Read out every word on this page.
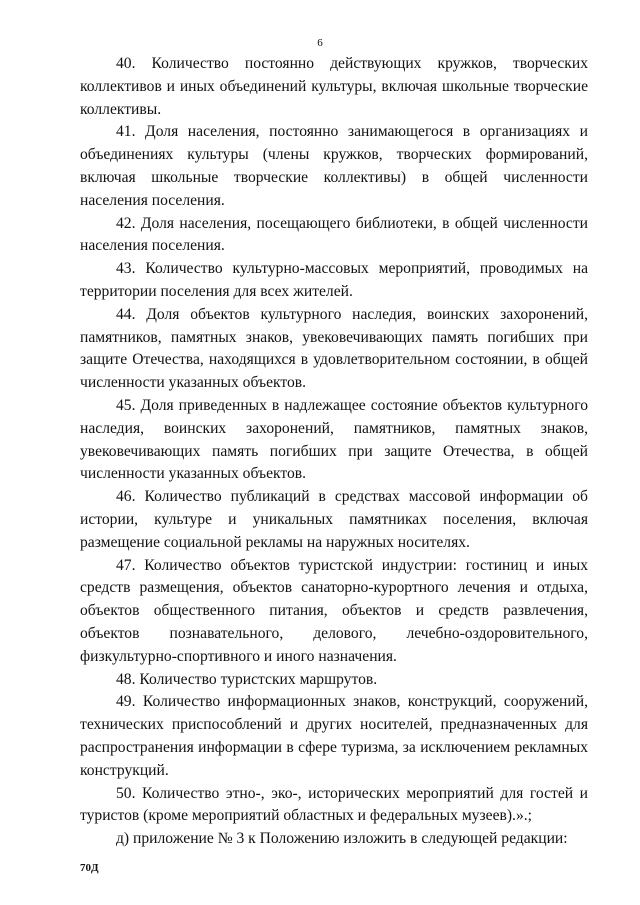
6

40. Количество постоянно действующих кружков, творческих коллективов и иных объединений культуры, включая школьные творческие коллективы.

41. Доля населения, постоянно занимающегося в организациях и объединениях культуры (члены кружков, творческих формирований, включая школьные творческие коллективы) в общей численности населения поселения.

42. Доля населения, посещающего библиотеки, в общей численности населения поселения.

43. Количество культурно-массовых мероприятий, проводимых на территории поселения для всех жителей.

44. Доля объектов культурного наследия, воинских захоронений, памятников, памятных знаков, увековечивающих память погибших при защите Отечества, находящихся в удовлетворительном состоянии, в общей численности указанных объектов.

45. Доля приведенных в надлежащее состояние объектов культурного наследия, воинских захоронений, памятников, памятных знаков, увековечивающих память погибших при защите Отечества, в общей численности указанных объектов.

46. Количество публикаций в средствах массовой информации об истории, культуре и уникальных памятниках поселения, включая размещение социальной рекламы на наружных носителях.

47. Количество объектов туристской индустрии: гостиниц и иных средств размещения, объектов санаторно-курортного лечения и отдыха, объектов общественного питания, объектов и средств развлечения, объектов познавательного, делового, лечебно-оздоровительного, физкультурно-спортивного и иного назначения.

48. Количество туристских маршрутов.

49. Количество информационных знаков, конструкций, сооружений, технических приспособлений и других носителей, предназначенных для распространения информации в сфере туризма, за исключением рекламных конструкций.

50. Количество этно-, эко-, исторических мероприятий для гостей и туристов (кроме мероприятий областных и федеральных музеев).».;

д) приложение № 3 к Положению изложить в следующей редакции:

70Д
